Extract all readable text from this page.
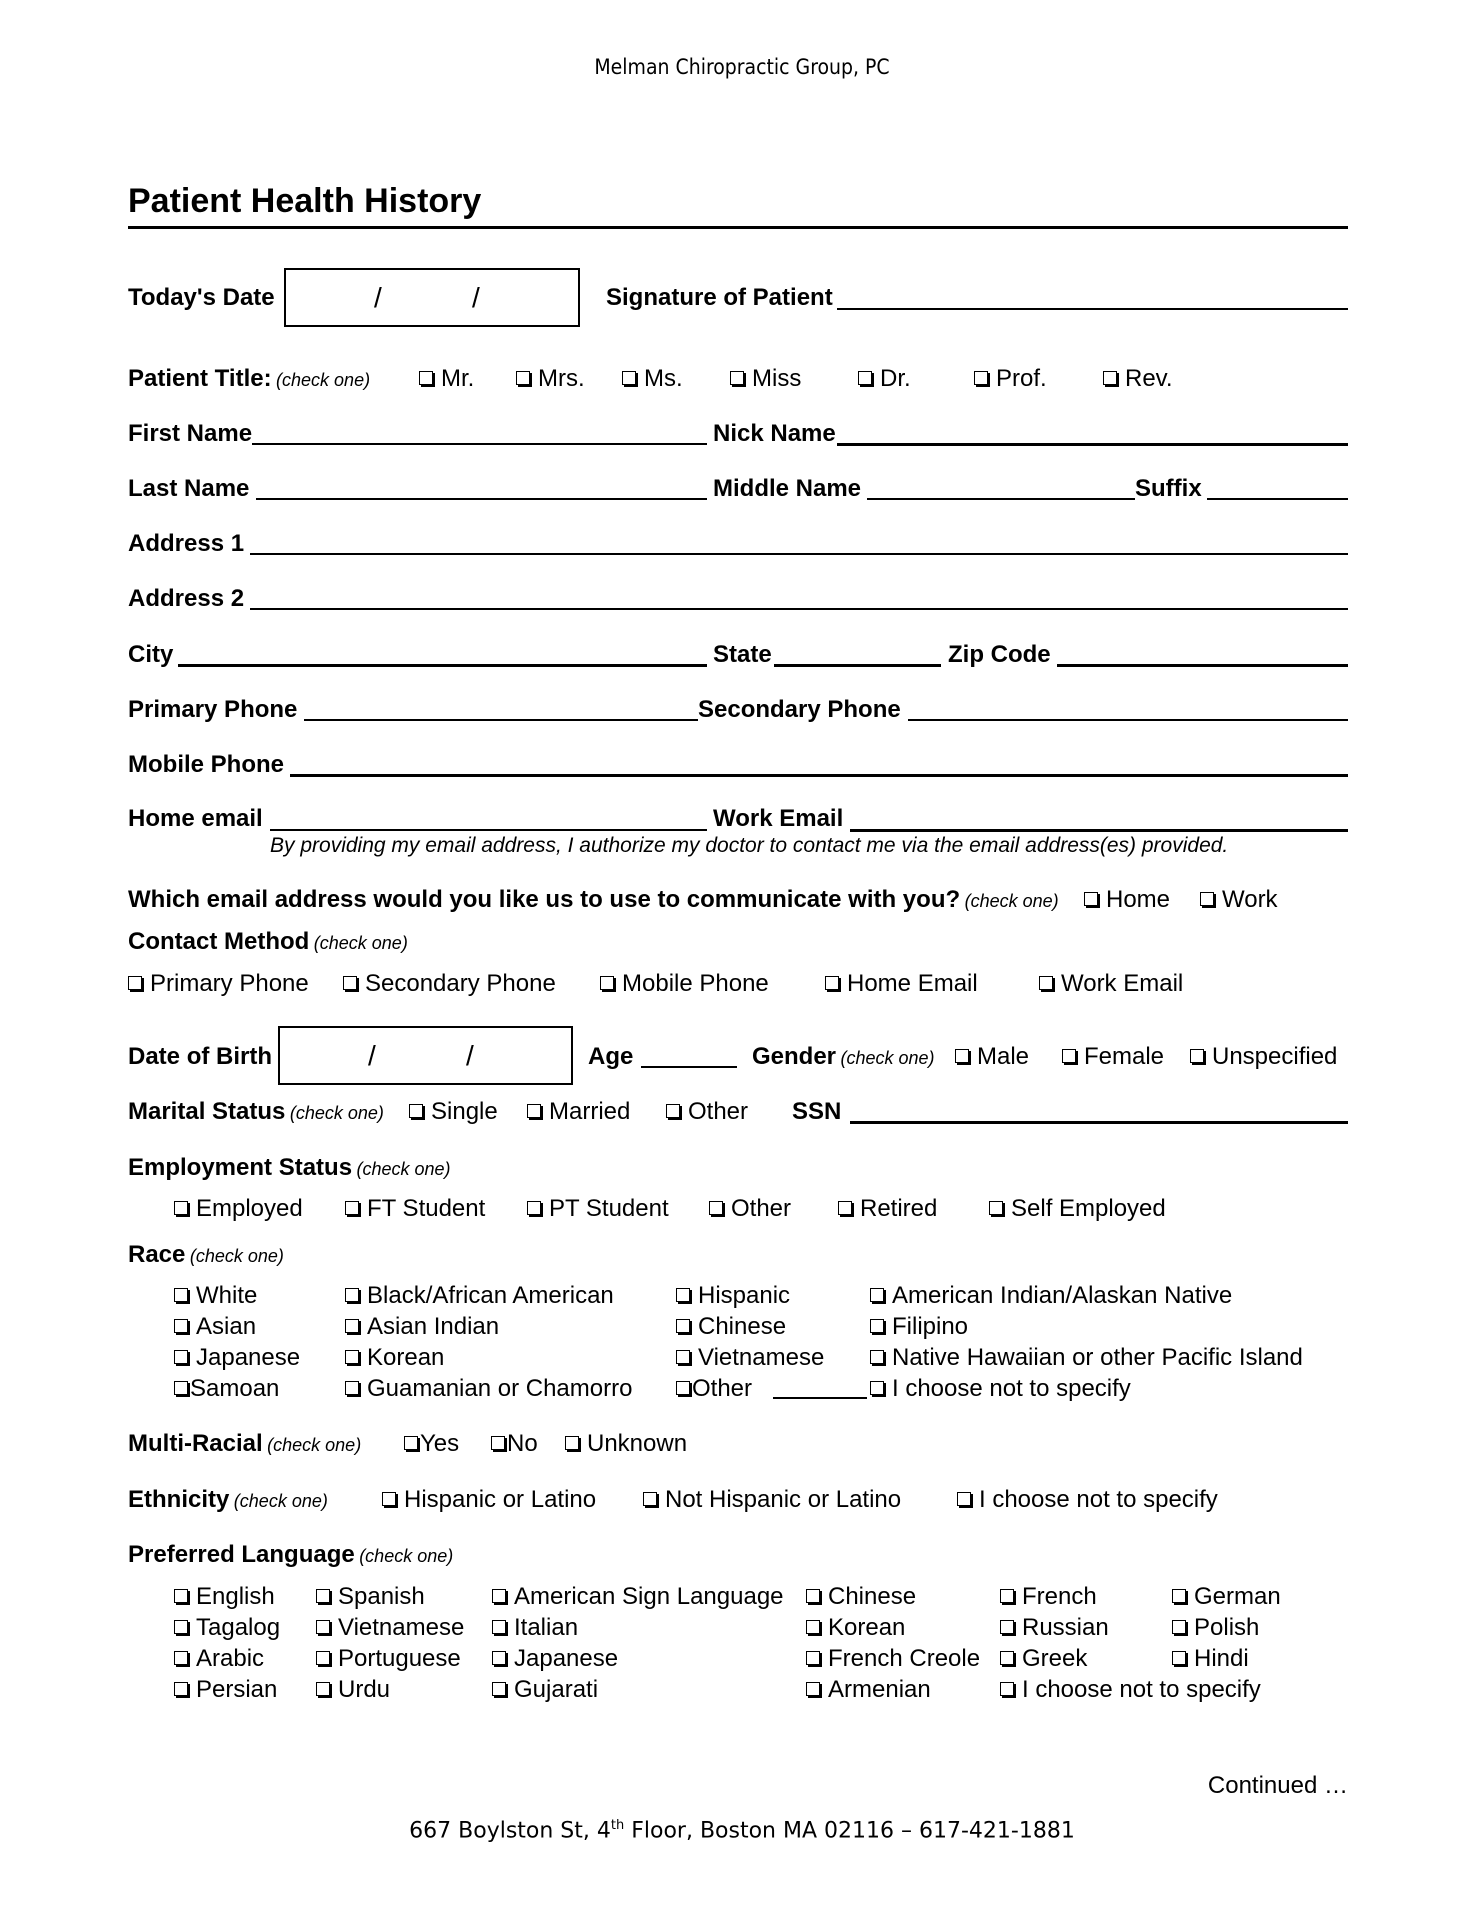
Melman Chiropractic Group, PC
Patient Health History
Today's Date	/	/	Signature of Patient
Patient Title: (check one)	Mr.	Mrs.	Ms.	Miss	Dr.	Prof.	Rev.
First Name	Nick Name
Last Name	Middle Name	Suffix
Address 1
Address 2
City	State	Zip Code
Primary Phone	Secondary Phone
Mobile Phone
Home email	Work Email
By providing my email address, I authorize my doctor to contact me via the email address(es) provided.
Which email address would you like us to use to communicate with you? (check one)	Home	Work
Contact Method (check one)
Primary Phone	Secondary Phone	Mobile Phone	Home Email	Work Email
Date of Birth	/	/	Age	Gender (check one)	Male	Female	Unspecified
Marital Status (check one)	Single	Married	Other SSN
Employment Status (check one)
Employed	FT Student	PT Student	Other	Retired	Self Employed
Race (check one)
White	Black/African American	Hispanic	American Indian/Alaskan Native
Asian	Asian Indian	Chinese	Filipino
Japanese	Korean	Vietnamese	Native Hawaiian or other Pacific Island
Samoan	Guamanian or Chamorro	Other	I choose not to specify
Multi-Racial (check one)	Yes	No	Unknown
Ethnicity (check one)	Hispanic or Latino	Not Hispanic or Latino	I choose not to specify
Preferred Language (check one)
English	Spanish	American Sign Language	Chinese	French	German
Tagalog	Vietnamese	Italian	Korean	Russian	Polish
Arabic	Portuguese	Japanese	French Creole	Greek	Hindi
Persian	Urdu	Gujarati	Armenian	I choose not to specify
Continued …
667 Boylston St, 4th Floor, Boston MA 02116 – 617-421-1881
